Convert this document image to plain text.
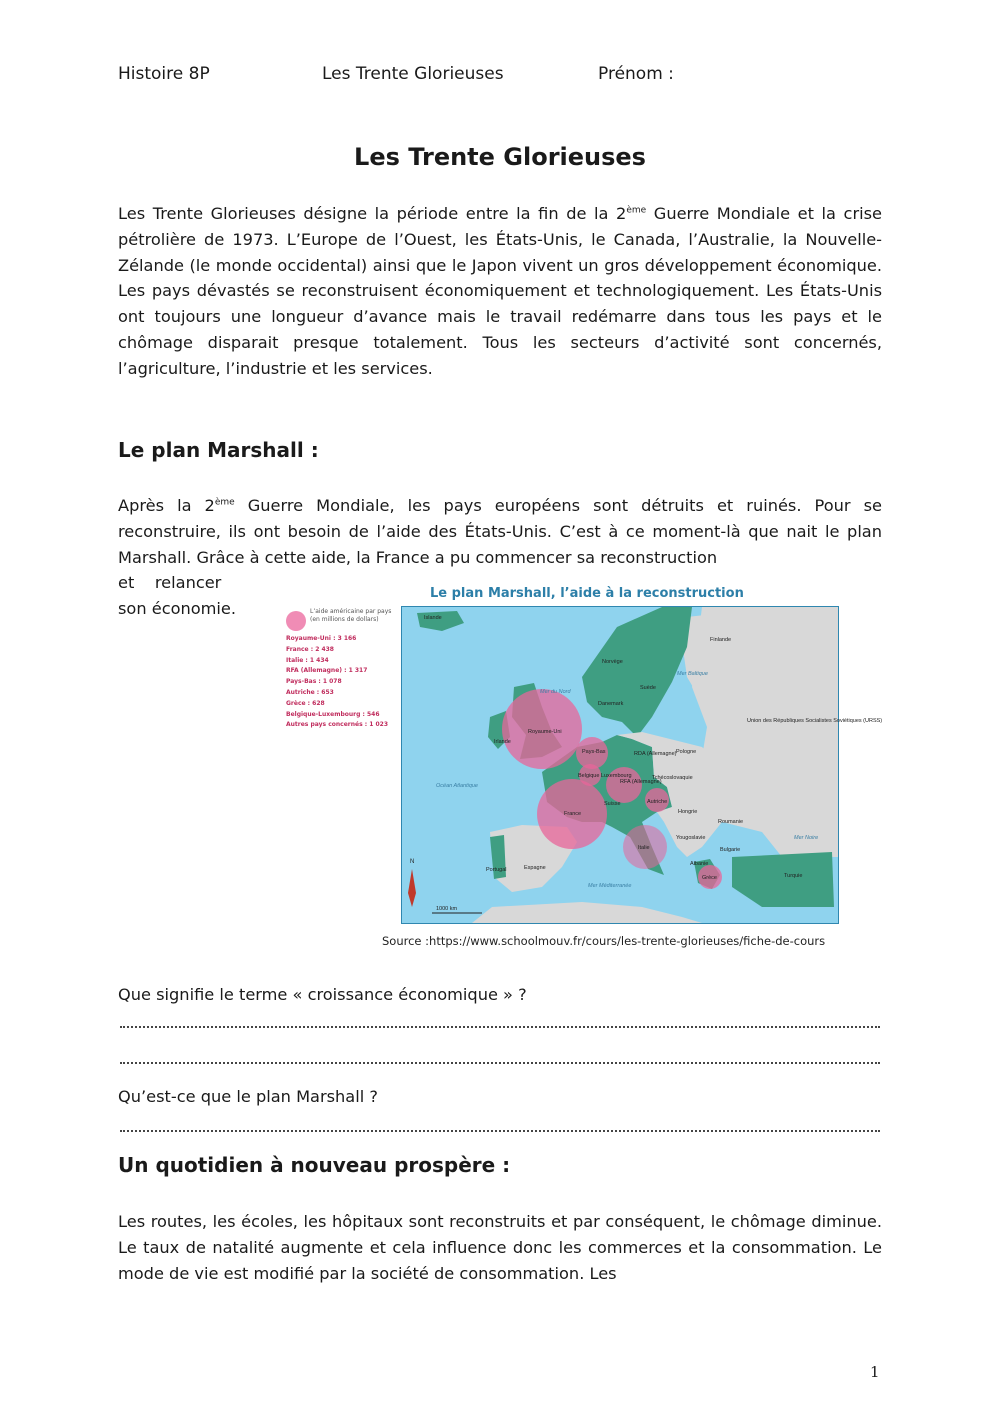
Histoire 8P	Les Trente Glorieuses	Prénom :
Les Trente Glorieuses
Les Trente Glorieuses désigne la période entre la fin de la 2ème Guerre Mondiale et la crise pétrolière de 1973. L’Europe de l’Ouest, les États-Unis, le Canada, l’Australie, la Nouvelle-Zélande (le monde occidental) ainsi que le Japon vivent un gros développement économique. Les pays dévastés se reconstruisent économiquement et technologiquement. Les États-Unis ont toujours une longueur d’avance mais le travail redémarre dans tous les pays et le chômage disparait presque totalement. Tous les secteurs d’activité sont concernés, l’agriculture, l’industrie et les services.
Le plan Marshall :
Après la 2ème Guerre Mondiale, les pays européens sont détruits et ruinés. Pour se reconstruire, ils ont besoin de l’aide des États-Unis. C’est à ce moment-là que nait le plan Marshall. Grâce à cette aide, la France a pu commencer sa reconstruction
et    relancer
son économie.
Le plan Marshall, l’aide à la reconstruction
L’aide américaine par pays (en millions de dollars)
Royaume-Uni : 3 166
France : 2 438
Italie : 1 434
RFA (Allemagne) : 1 317
Pays-Bas : 1 078
Autriche : 653
Grèce : 628
Belgique-Luxembourg : 546
Autres pays concernés : 1 023
Islande
Finlande
Norvège
Suède
Mer du Nord
Mer Baltique
Danemark
Union des Républiques Socialistes Soviétiques (URSS)
Royaume-Uni
Irlande
Pays-Bas	RDA (Allemagne) Pologne
Belgique Luxembourg
RFA (Allemagne)
Tchécoslovaquie
Océan Atlantique
Autriche
Hongrie
France
Suisse
Roumanie
Yougoslavie	Mer Noire
Italie	Bulgarie
Albanie
Portugal	Espagne
Turquie
Grèce
Mer Méditerranée
N
1000 km
Source :https://www.schoolmouv.fr/cours/les-trente-glorieuses/fiche-de-cours
Que signifie le terme « croissance économique » ?
Qu’est-ce que le plan Marshall ?
Un quotidien à nouveau prospère :
Les routes, les écoles, les hôpitaux sont reconstruits et par conséquent, le chômage diminue. Le taux de natalité augmente et cela influence donc les commerces et la consommation. Le mode de vie est modifié par la société de consommation. Les
1
